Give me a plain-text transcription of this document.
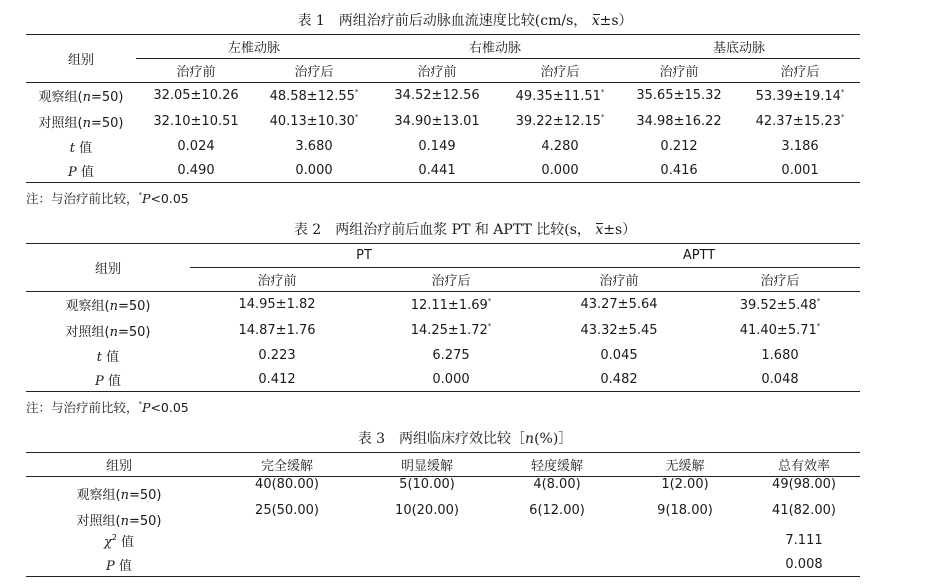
表 1 两组治疗前后动脉血流速度比较(cm/s， x±s）
组别	左椎动脉		右椎动脉		基底动脉	
	治疗前	治疗后	治疗前	治疗后	治疗前	治疗后
观察组(n=50)	32.05±10.26	48.58±12.55*	34.52±12.56	49.35±11.51*	35.65±15.32	53.39±19.14*
对照组(n=50)	32.10±10.51	40.13±10.30*	34.90±13.01	39.22±12.15*	34.98±16.22	42.37±15.23*
t 值	0.024	3.680	0.149	4.280	0.212	3.186
P 值	0.490	0.000	0.441	0.000	0.416	0.001
注：与治疗前比较，*P<0.05
表 2 两组治疗前后血浆 PT 和 APTT 比较(s， x±s）
组别	PT		APTT	
	治疗前	治疗后	治疗前	治疗后
观察组(n=50)	14.95±1.82	12.11±1.69*	43.27±5.64	39.52±5.48*
对照组(n=50)	14.87±1.76	14.25±1.72*	43.32±5.45	41.40±5.71*
t 值	0.223	6.275	0.045	1.680
P 值	0.412	0.000	0.482	0.048
注：与治疗前比较，*P<0.05
表 3 两组临床疗效比较［n(%)］
组别	完全缓解	明显缓解	轻度缓解	无缓解	总有效率
观察组(n=50)	40(80.00)	5(10.00)	4(8.00)	1(2.00)	49(98.00)
对照组(n=50)	25(50.00)	10(20.00)	6(12.00)	9(18.00)	41(82.00)
$\chi^2$ 值					7.111
P 值					0.008
